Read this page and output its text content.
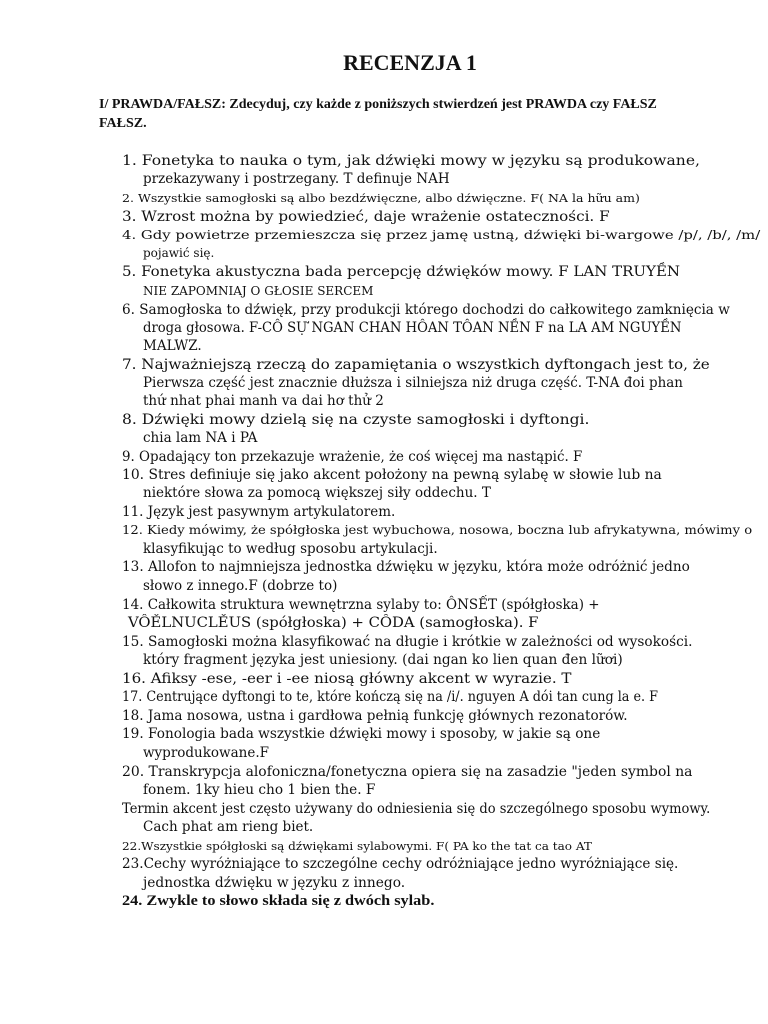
RECENZJA 1
I/ PRAWDA/FAŁSZ: Zdecyduj, czy każde z poniższych stwierdzeń jest PRAWDA czy FAŁSZ
FAŁSZ.
1. Fonetyka to nauka o tym, jak dźwięki mowy w języku są produkowane,
przekazywany i postrzegany. T definuje NAH
2. Wszystkie samogłoski są albo bezdźwięczne, albo dźwięczne. F( NA la hữu am)
3. Wzrost można by powiedzieć, daje wrażenie ostateczności. F
4. Gdy powietrze przemieszcza się przez jamę ustną, dźwięki bi-wargowe /p/, /b/, /m/
pojawić się.
5. Fonetyka akustyczna bada percepcję dźwięków mowy. F LAN TRUYỀN
NIE ZAPOMNIAJ O GŁOSIE SERCEM
6. Samogłoska to dźwięk, przy produkcji którego dochodzi do całkowitego zamknięcia w
droga głosowa. F-CÔ SỰ NGAN CHAN HÔAN TÔAN NỀN F na LA AM NGUYỀN
MALWZ.
7. Najważniejszą rzeczą do zapamiętania o wszystkich dyftongach jest to, że
Pierwsza część jest znacznie dłuższa i silniejsza niż druga część. T-NA đoi phan
thứ nhat phai manh va dai hơ thử 2
8. Dźwięki mowy dzielą się na czyste samogłoski i dyftongi.
chia lam NA i PA
9. Opadający ton przekazuje wrażenie, że coś więcej ma nastąpić. F
10. Stres definiuje się jako akcent położony na pewną sylabę w słowie lub na
niektóre słowa za pomocą większej siły oddechu. T
11. Język jest pasywnym artykulatorem.
12. Kiedy mówimy, że spółgłoska jest wybuchowa, nosowa, boczna lub afrykatywna, mówimy o
klasyfikując to według sposobu artykulacji.
13. Allofon to najmniejsza jednostka dźwięku w języku, która może odróżnić jedno
słowo z innego.F (dobrze to)
14. Całkowita struktura wewnętrzna sylaby to: ÔNSẾT (spółgłoska) +
VÔĚLNUCLĚUS (spółgłoska) + CÔDA (samogłoska). F
15. Samogłoski można klasyfikować na długie i krótkie w zależności od wysokości.
który fragment języka jest uniesiony. (dai ngan ko lien quan đen lữơi)
16. Afiksy -ese, -eer i -ee niosą główny akcent w wyrazie. T
17. Centrujące dyftongi to te, które kończą się na /i/. nguyen A dói tan cung la e. F
18. Jama nosowa, ustna i gardłowa pełnią funkcję głównych rezonatorów.
19. Fonologia bada wszystkie dźwięki mowy i sposoby, w jakie są one
wyprodukowane.F
20. Transkrypcja alofoniczna/fonetyczna opiera się na zasadzie "jeden symbol na
fonem. 1ky hieu cho 1 bien the. F
Termin akcent jest często używany do odniesienia się do szczególnego sposobu wymowy.
Cach phat am rieng biet.
22.Wszystkie spółgłoski są dźwiękami sylabowymi. F( PA ko the tat ca tao AT
23.Cechy wyróżniające to szczególne cechy odróżniające jedno wyróżniające się.
jednostka dźwięku w języku z innego.
24. Zwykle to słowo składa się z dwóch sylab.
